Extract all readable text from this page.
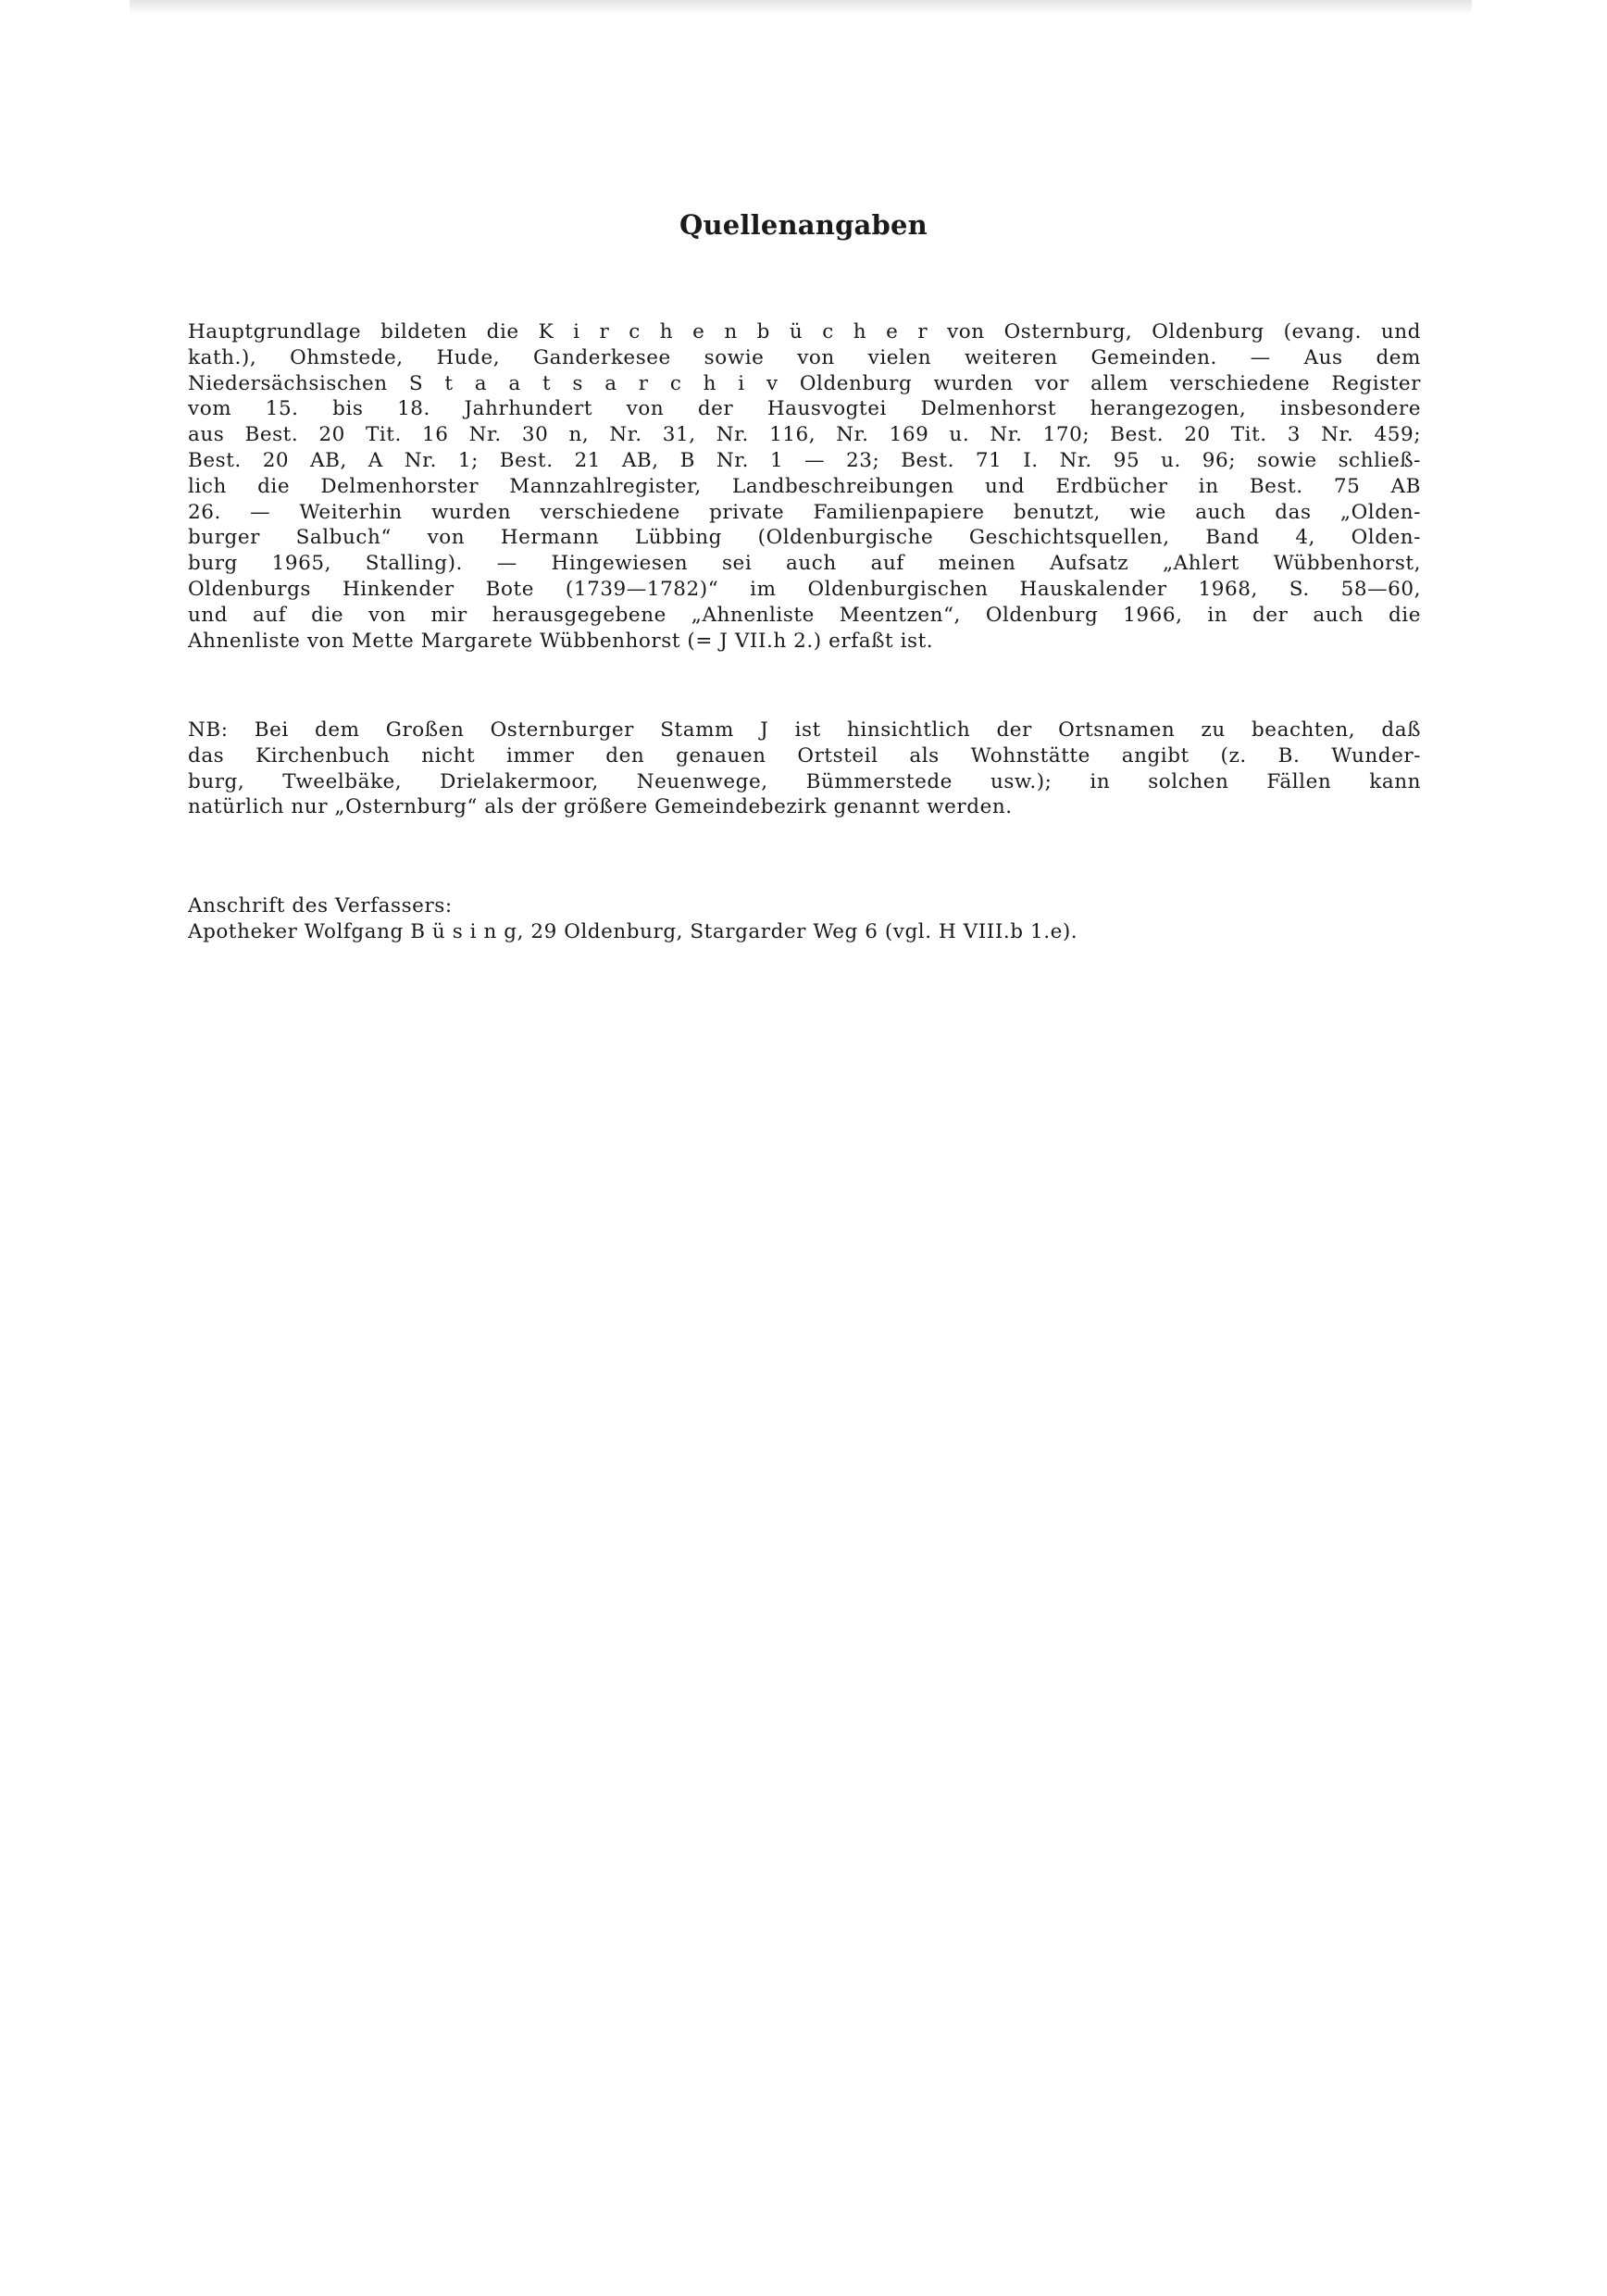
Quellenangaben
Hauptgrundlage bildeten die K i r c h e n b ü c h e r von Osternburg, Oldenburg (evang. und
kath.), Ohmstede, Hude, Ganderkesee sowie von vielen weiteren Gemeinden. — Aus dem
Niedersächsischen S t a a t s a r c h i v Oldenburg wurden vor allem verschiedene Register
vom 15. bis 18. Jahrhundert von der Hausvogtei Delmenhorst herangezogen, insbesondere
aus Best. 20 Tit. 16 Nr. 30 n, Nr. 31, Nr. 116, Nr. 169 u. Nr. 170; Best. 20 Tit. 3 Nr. 459;
Best. 20 AB, A Nr. 1; Best. 21 AB, B Nr. 1 — 23; Best. 71 I. Nr. 95 u. 96; sowie schließ-
lich die Delmenhorster Mannzahlregister, Landbeschreibungen und Erdbücher in Best. 75 AB
26. — Weiterhin wurden verschiedene private Familienpapiere benutzt, wie auch das „Olden-
burger Salbuch“ von Hermann Lübbing (Oldenburgische Geschichtsquellen, Band 4, Olden-
burg 1965, Stalling). — Hingewiesen sei auch auf meinen Aufsatz „Ahlert Wübbenhorst,
Oldenburgs Hinkender Bote (1739—1782)“ im Oldenburgischen Hauskalender 1968, S. 58—60,
und auf die von mir herausgegebene „Ahnenliste Meentzen“, Oldenburg 1966, in der auch die
Ahnenliste von Mette Margarete Wübbenhorst (= J VII.h 2.) erfaßt ist.
NB: Bei dem Großen Osternburger Stamm J ist hinsichtlich der Ortsnamen zu beachten, daß
das Kirchenbuch nicht immer den genauen Ortsteil als Wohnstätte angibt (z. B. Wunder-
burg, Tweelbäke, Drielakermoor, Neuenwege, Bümmerstede usw.); in solchen Fällen kann
natürlich nur „Osternburg“ als der größere Gemeindebezirk genannt werden.
Anschrift des Verfassers:
Apotheker Wolfgang B ü s i n g, 29 Oldenburg, Stargarder Weg 6 (vgl. H VIII.b 1.e).
